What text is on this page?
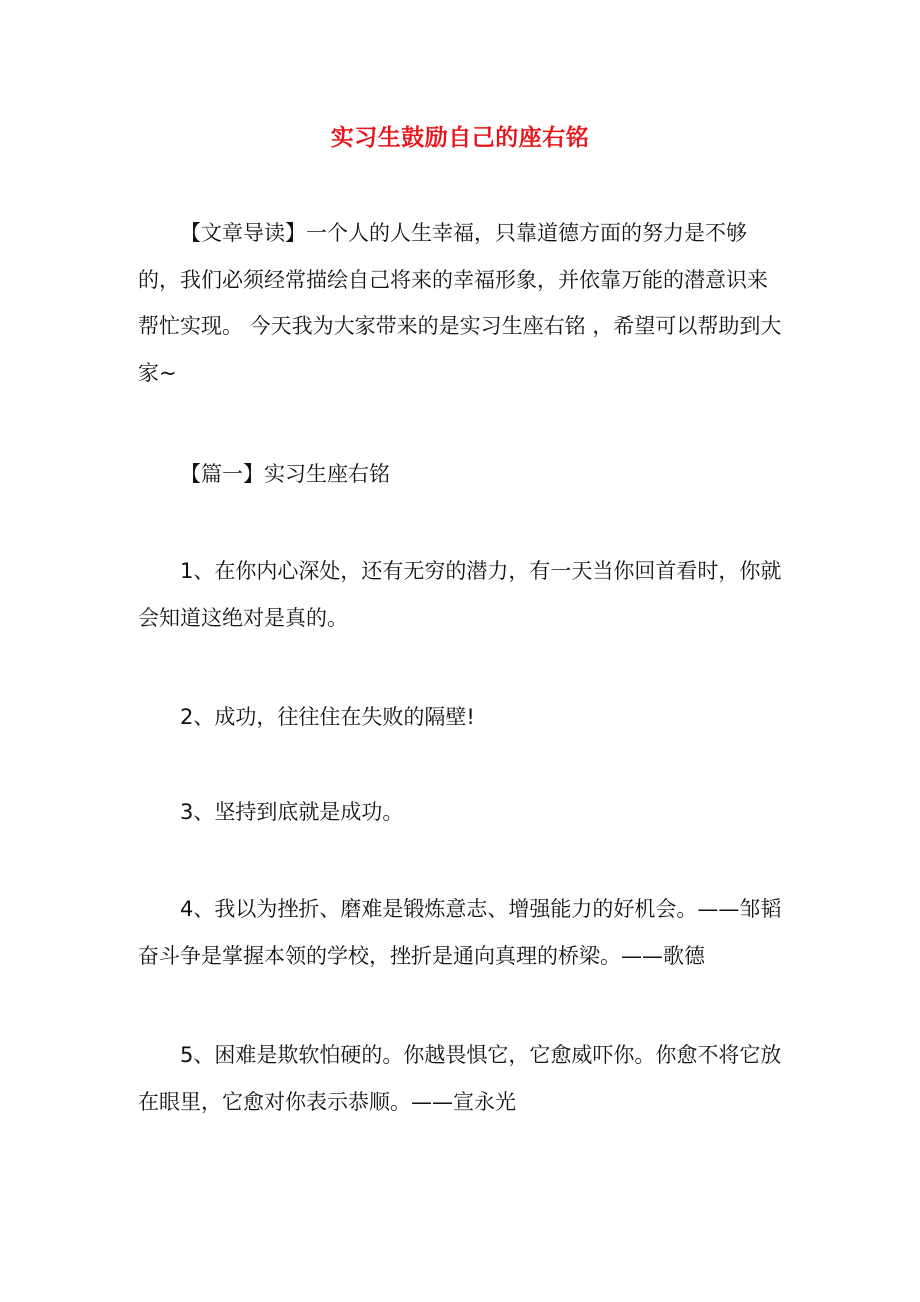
实习生鼓励自己的座右铭
【文章导读】一个人的人生幸福，只靠道德方面的努力是不够的，我们必须经常描绘自己将来的幸福形象，并依靠万能的潜意识来帮忙实现。 今天我为大家带来的是实习生座右铭 ，希望可以帮助到大家~
【篇一】实习生座右铭
1、在你内心深处，还有无穷的潜力，有一天当你回首看时，你就会知道这绝对是真的。
2、成功，往往住在失败的隔壁!
3、坚持到底就是成功。
4、我以为挫折、磨难是锻炼意志、增强能力的好机会。——邹韬奋斗争是掌握本领的学校，挫折是通向真理的桥梁。——歌德
5、困难是欺软怕硬的。你越畏惧它，它愈威吓你。你愈不将它放在眼里，它愈对你表示恭顺。——宣永光
